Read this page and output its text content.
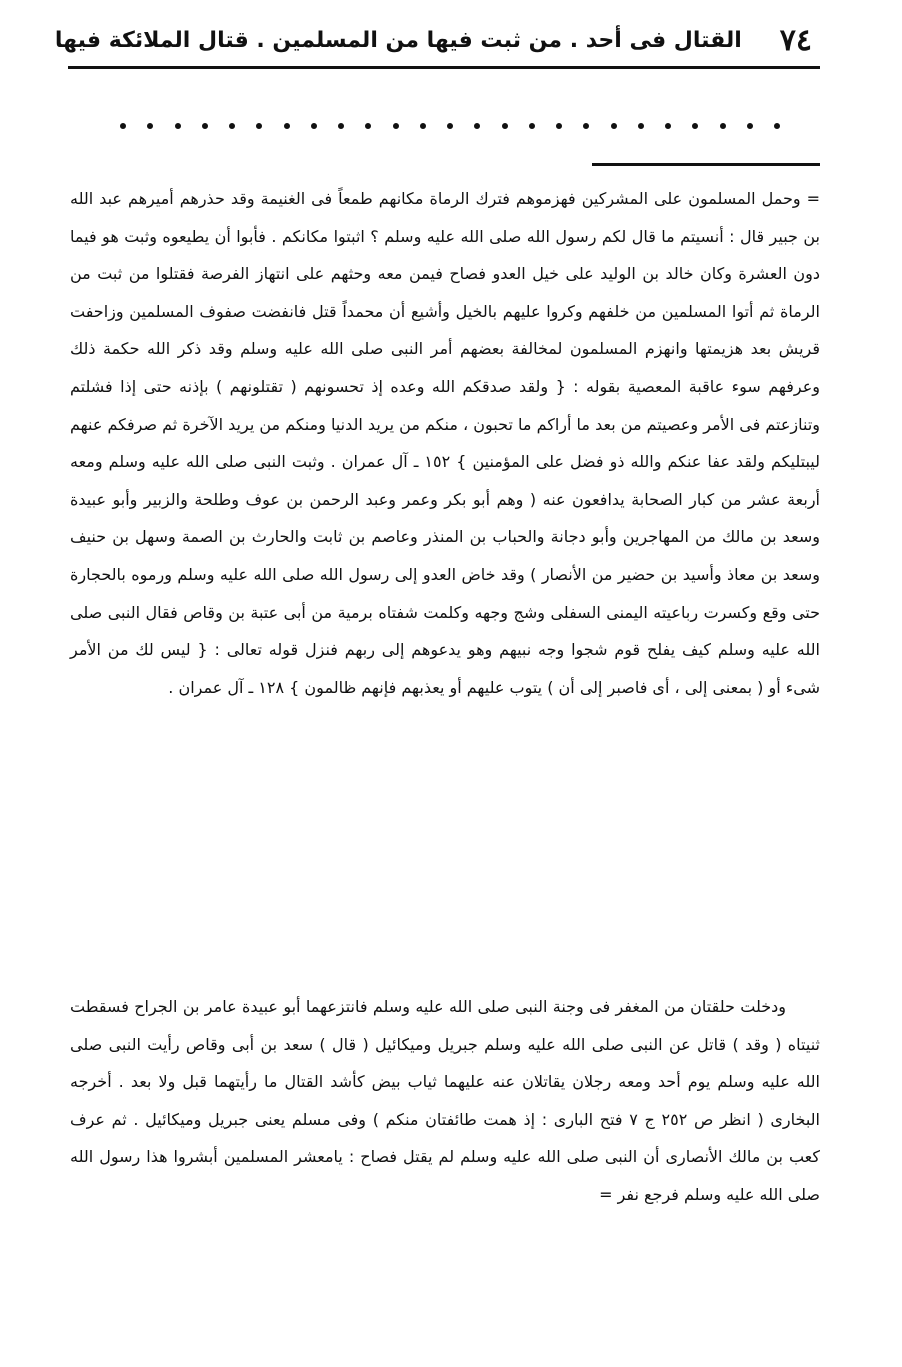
٧٤
القتال فى أحد . من ثبت فيها من المسلمين . قتال الملائكة فيها

= وحمل المسلمون على المشركين فهزموهم فترك الرماة مكانهم طمعاً فى الغنيمة وقد حذرهم أميرهم عبد الله بن جبير قال : أنسيتم ما قال لكم رسول الله صلى الله عليه وسلم ؟ اثبتوا مكانكم . فأبوا أن يطيعوه وثبت هو فيما دون العشرة وكان خالد بن الوليد على خيل العدو فصاح فيمن معه وحثهم على انتهاز الفرصة فقتلوا من ثبت من الرماة ثم أتوا المسلمين من خلفهم وكروا عليهم بالخيل وأشيع أن محمداً قتل فانفضت صفوف المسلمين وزاحفت قريش بعد هزيمتها وانهزم المسلمون لمخالفة بعضهم أمر النبى صلى الله عليه وسلم وقد ذكر الله حكمة ذلك وعرفهم سوء عاقبة المعصية بقوله : { ولقد صدقكم الله وعده إذ تحسونهم ( تقتلونهم ) بإذنه حتى إذا فشلتم وتنازعتم فى الأمر وعصيتم من بعد ما أراكم ما تحبون ، منكم من يريد الدنيا ومنكم من يريد الآخرة ثم صرفكم عنهم ليبتليكم ولقد عفا عنكم والله ذو فضل على المؤمنين } ١٥٢ ـ آل عمران . وثبت النبى صلى الله عليه وسلم ومعه أربعة عشر من كبار الصحابة يدافعون عنه ( وهم أبو بكر وعمر وعبد الرحمن بن عوف وطلحة والزبير وأبو عبيدة وسعد بن مالك من المهاجرين وأبو دجانة والحباب بن المنذر وعاصم بن ثابت والحارث بن الصمة وسهل بن حنيف وسعد بن معاذ وأسيد بن حضير من الأنصار ) وقد خاض العدو إلى رسول الله صلى الله عليه وسلم ورموه بالحجارة حتى وقع وكسرت رباعيته اليمنى السفلى وشج وجهه وكلمت شفتاه برمية من أبى عتبة بن وقاص فقال النبى صلى الله عليه وسلم كيف يفلح قوم شجوا وجه نبيهم وهو يدعوهم إلى ربهم فنزل قوله تعالى : { ليس لك من الأمر شىء أو ( بمعنى إلى ، أى فاصبر إلى أن ) يتوب عليهم أو يعذبهم فإنهم ظالمون } ١٢٨ ـ آل عمران .

ودخلت حلقتان من المغفر فى وجنة النبى صلى الله عليه وسلم فانتزعهما أبو عبيدة عامر بن الجراح فسقطت ثنيتاه ( وقد ) قاتل عن النبى صلى الله عليه وسلم جبريل وميكائيل ( قال ) سعد بن أبى وقاص رأيت النبى صلى الله عليه وسلم يوم أحد ومعه رجلان يقاتلان عنه عليهما ثياب بيض كأشد القتال ما رأيتهما قبل ولا بعد . أخرجه البخارى ( انظر ص ٢٥٢ ج ٧ فتح البارى : إذ همت طائفتان منكم ) وفى مسلم يعنى جبريل وميكائيل . ثم عرف كعب بن مالك الأنصارى أن النبى صلى الله عليه وسلم لم يقتل فصاح : يامعشر المسلمين أبشروا هذا رسول الله صلى الله عليه وسلم فرجع نفر =
